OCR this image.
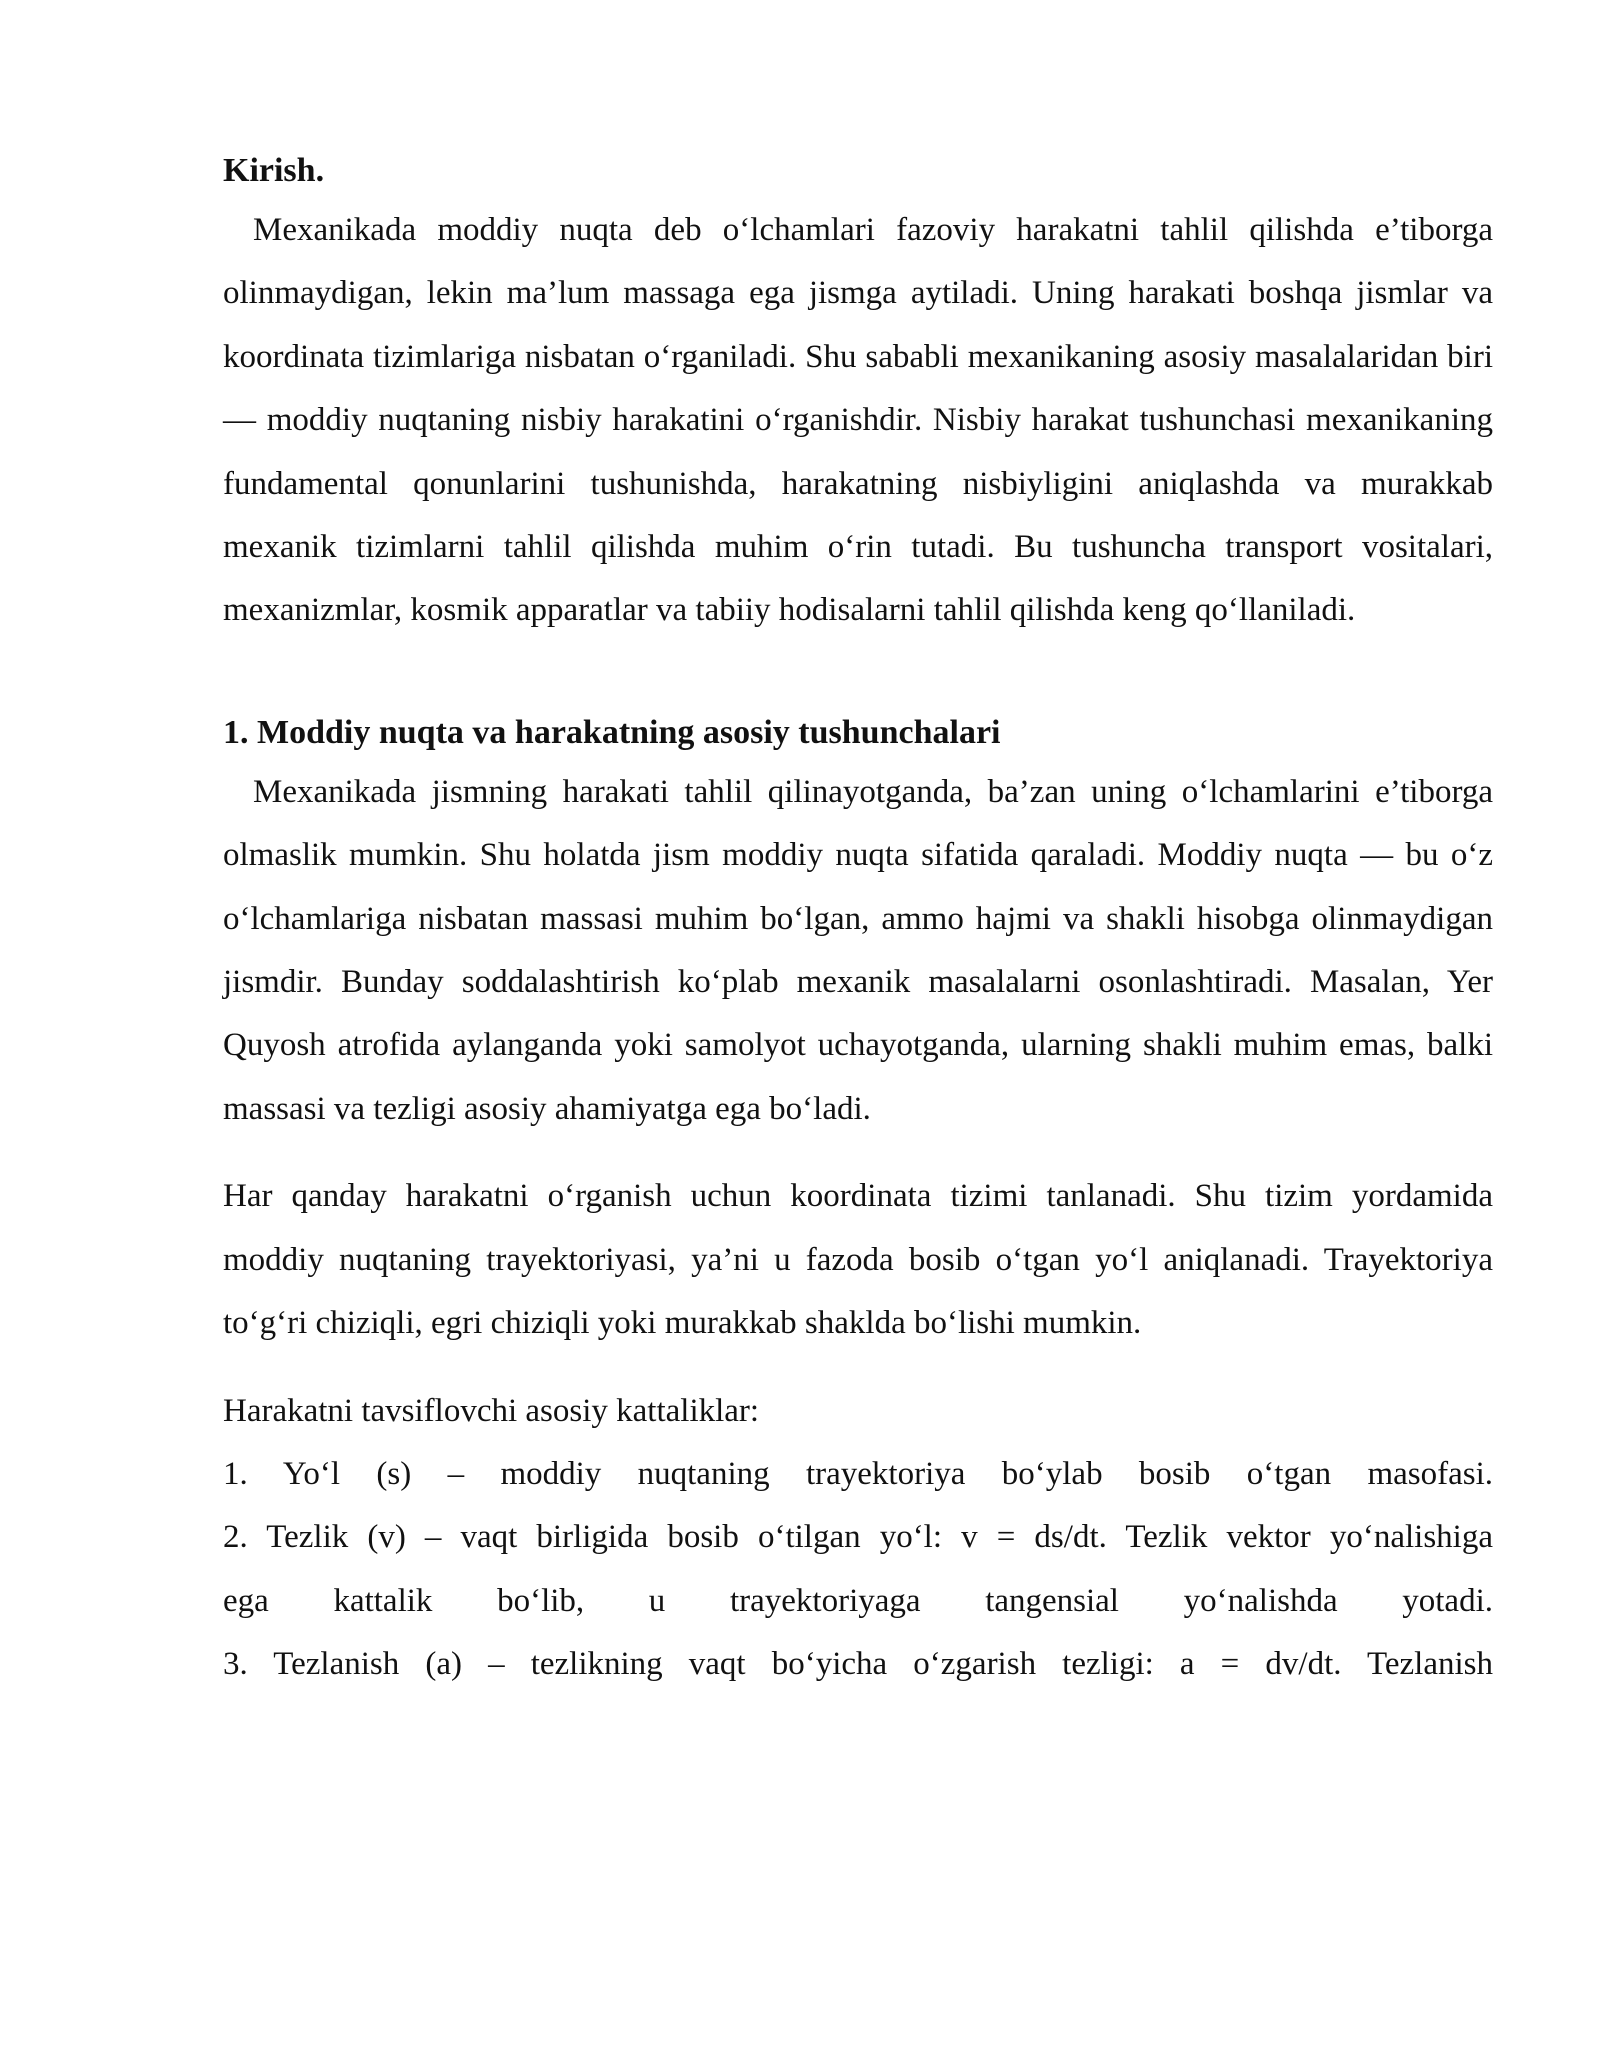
Kirish.

Mexanikada moddiy nuqta deb o‘lchamlari fazoviy harakatni tahlil qilishda e’tiborga olinmaydigan, lekin ma’lum massaga ega jismga aytiladi. Uning harakati boshqa jismlar va koordinata tizimlariga nisbatan o‘rganiladi. Shu sababli mexanikaning asosiy masalalaridan biri — moddiy nuqtaning nisbiy harakatini o‘rganishdir. Nisbiy harakat tushunchasi mexanikaning fundamental qonunlarini tushunishda, harakatning nisbiyligini aniqlashda va murakkab mexanik tizimlarni tahlil qilishda muhim o‘rin tutadi. Bu tushuncha transport vositalari, mexanizmlar, kosmik apparatlar va tabiiy hodisalarni tahlil qilishda keng qo‘llaniladi.

1. Moddiy nuqta va harakatning asosiy tushunchalari

Mexanikada jismning harakati tahlil qilinayotganda, ba’zan uning o‘lchamlarini e’tiborga olmaslik mumkin. Shu holatda jism moddiy nuqta sifatida qaraladi. Moddiy nuqta — bu o‘z o‘lchamlariga nisbatan massasi muhim bo‘lgan, ammo hajmi va shakli hisobga olinmaydigan jismdir. Bunday soddalashtirish ko‘plab mexanik masalalarni osonlashtiradi. Masalan, Yer Quyosh atrofida aylanganda yoki samolyot uchayotganda, ularning shakli muhim emas, balki massasi va tezligi asosiy ahamiyatga ega bo‘ladi.

Har qanday harakatni o‘rganish uchun koordinata tizimi tanlanadi. Shu tizim yordamida moddiy nuqtaning trayektoriyasi, ya’ni u fazoda bosib o‘tgan yo‘l aniqlanadi. Trayektoriya to‘g‘ri chiziqli, egri chiziqli yoki murakkab shaklda bo‘lishi mumkin.

Harakatni tavsiflovchi asosiy kattaliklar:

1. Yo‘l (s) – moddiy nuqtaning trayektoriya bo‘ylab bosib o‘tgan masofasi.
2. Tezlik (v) – vaqt birligida bosib o‘tilgan yo‘l: v = ds/dt. Tezlik vektor yo‘nalishiga
ega kattalik bo‘lib, u trayektoriyaga tangensial yo‘nalishda yotadi.
3. Tezlanish (a) – tezlikning vaqt bo‘yicha o‘zgarish tezligi: a = dv/dt. Tezlanish
